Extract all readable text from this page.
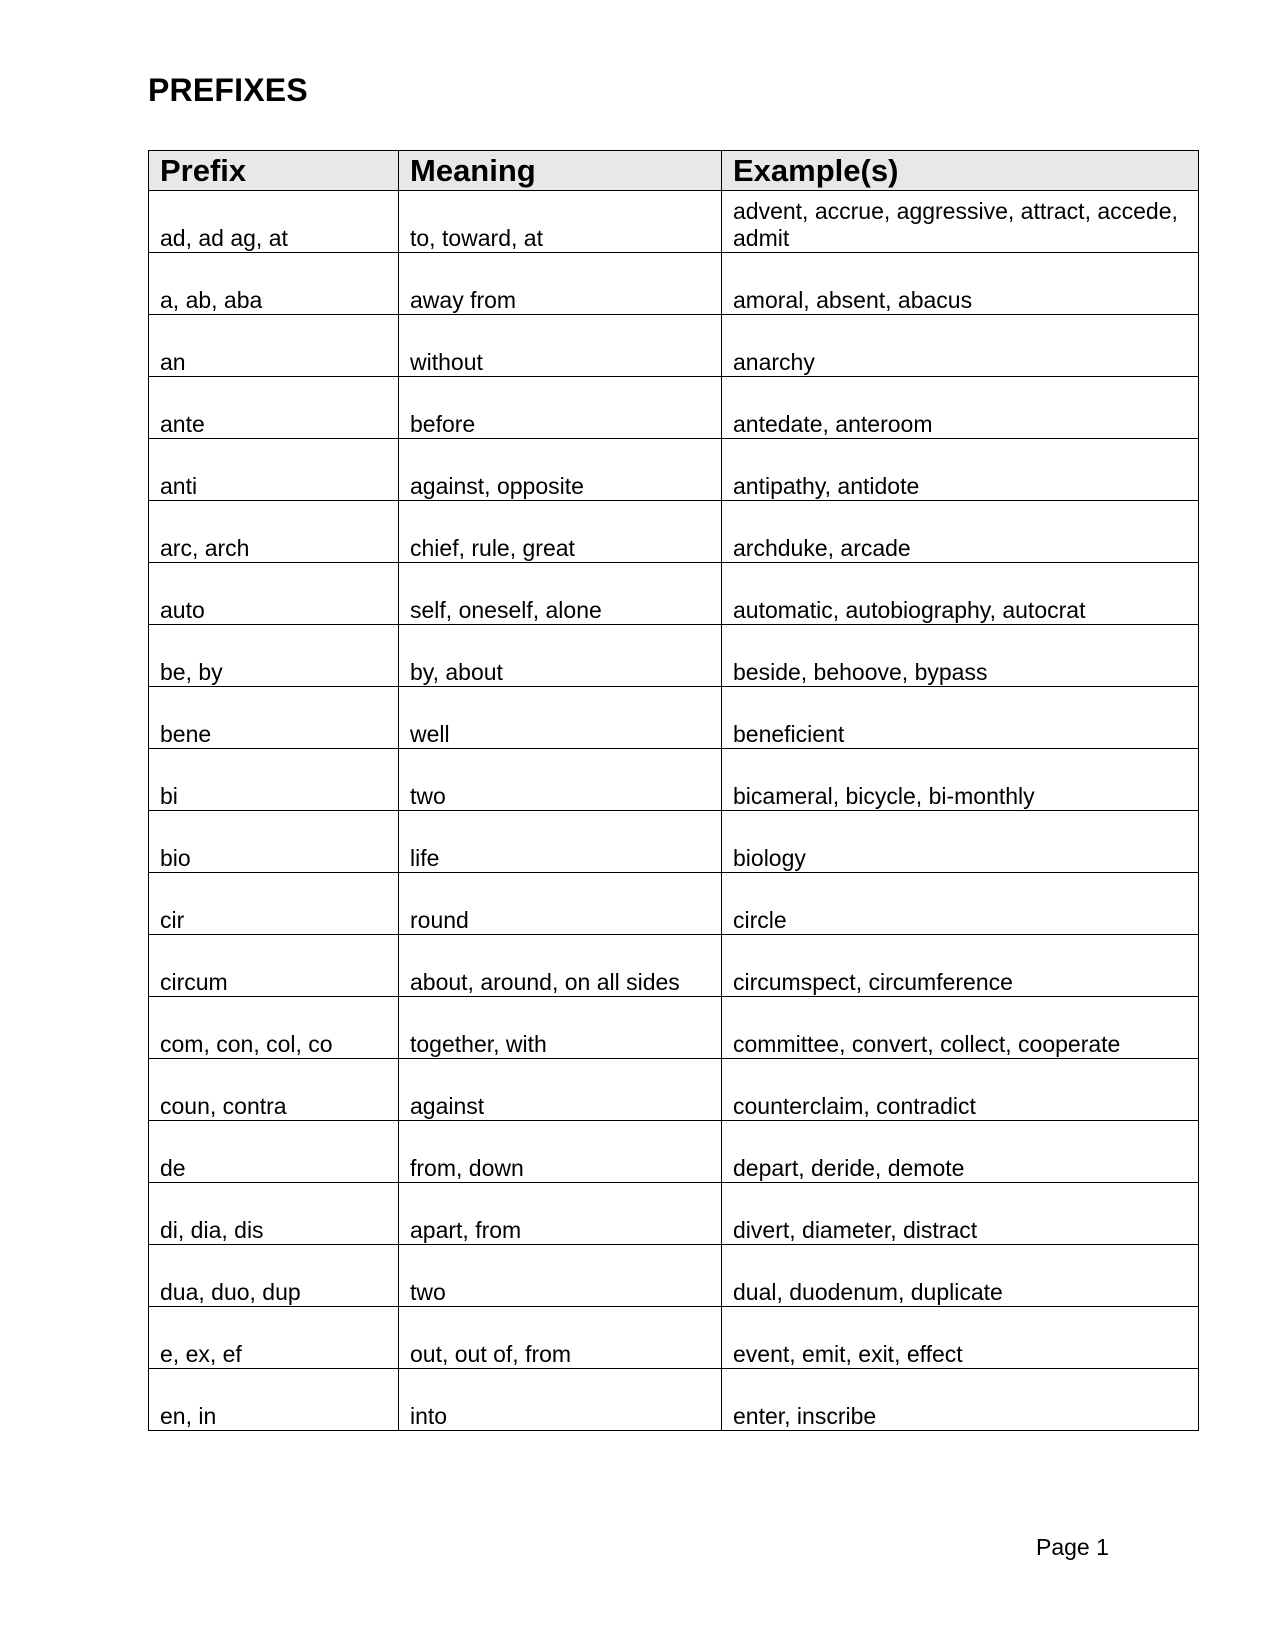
PREFIXES
Prefix	Meaning	Example(s)
ad, ad ag, at	to, toward, at	advent, accrue, aggressive, attract, accede, admit
a, ab, aba	away from	amoral, absent, abacus
an	without	anarchy
ante	before	antedate, anteroom
anti	against, opposite	antipathy, antidote
arc, arch	chief, rule, great	archduke, arcade
auto	self, oneself, alone	automatic, autobiography, autocrat
be, by	by, about	beside, behoove, bypass
bene	well	beneficient
bi	two	bicameral, bicycle, bi-monthly
bio	life	biology
cir	round	circle
circum	about, around, on all sides	circumspect, circumference
com, con, col, co	together, with	committee, convert, collect, cooperate
coun, contra	against	counterclaim, contradict
de	from, down	depart, deride, demote
di, dia, dis	apart, from	divert, diameter, distract
dua, duo, dup	two	dual, duodenum, duplicate
e, ex, ef	out, out of, from	event, emit, exit, effect
en, in	into	enter, inscribe
Page 1
